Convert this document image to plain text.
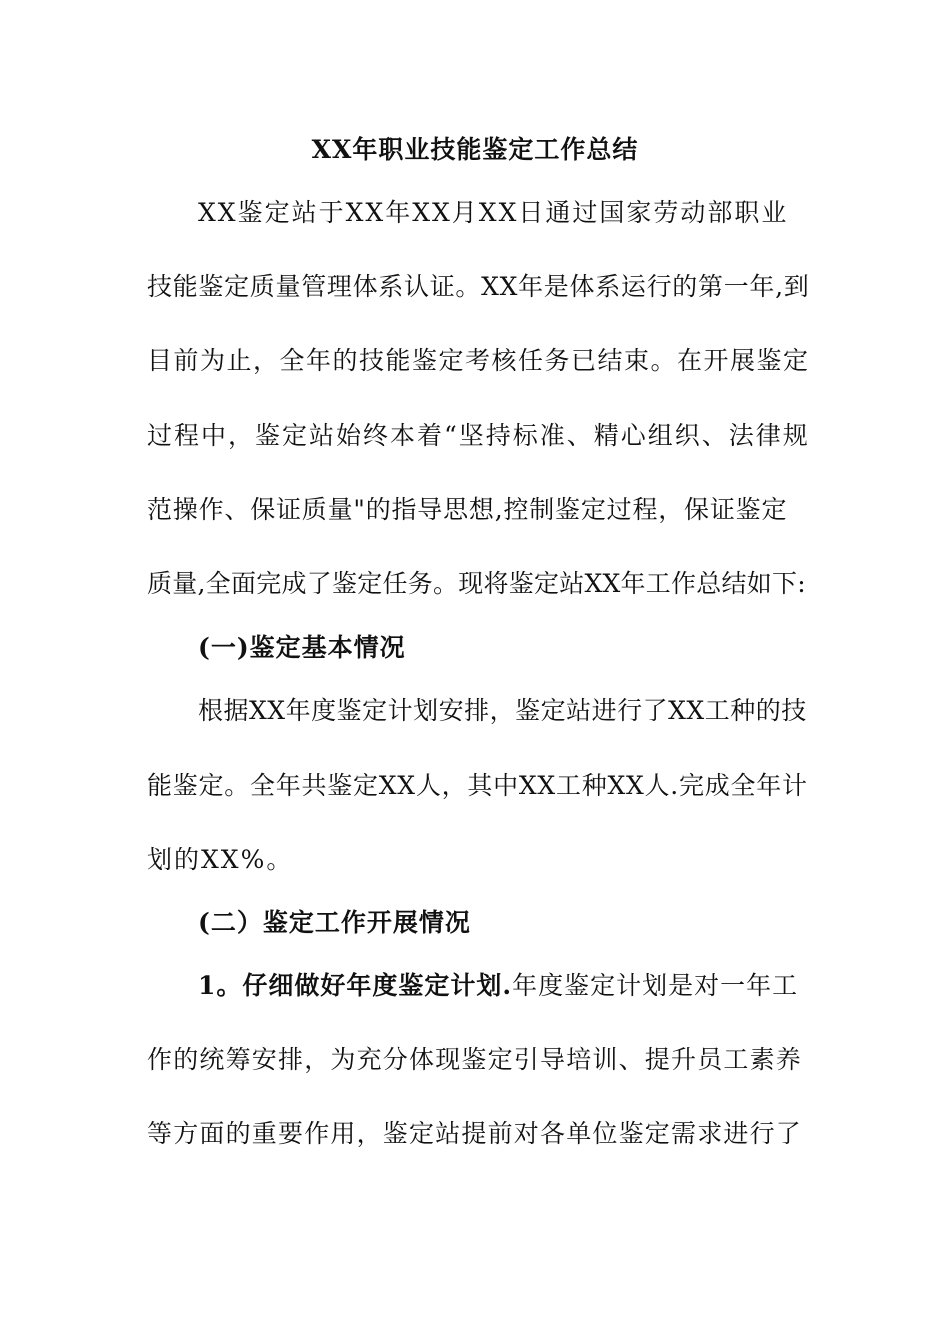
XX年职业技能鉴定工作总结
XX鉴定站于XX年XX月XX日通过国家劳动部职业
技能鉴定质量管理体系认证。XX年是体系运行的第一年,到
目前为止，全年的技能鉴定考核任务已结束。在开展鉴定
过程中，鉴定站始终本着“坚持标准、精心组织、法律规
范操作、保证质量"的指导思想,控制鉴定过程，保证鉴定
质量,全面完成了鉴定任务。现将鉴定站XX年工作总结如下:
(一)鉴定基本情况
根据XX年度鉴定计划安排，鉴定站进行了XX工种的技
能鉴定。全年共鉴定XX人，其中XX工种XX人.完成全年计
划的XX%。
(二）鉴定工作开展情况
1。仔细做好年度鉴定计划.年度鉴定计划是对一年工
作的统筹安排，为充分体现鉴定引导培训、提升员工素养
等方面的重要作用，鉴定站提前对各单位鉴定需求进行了
